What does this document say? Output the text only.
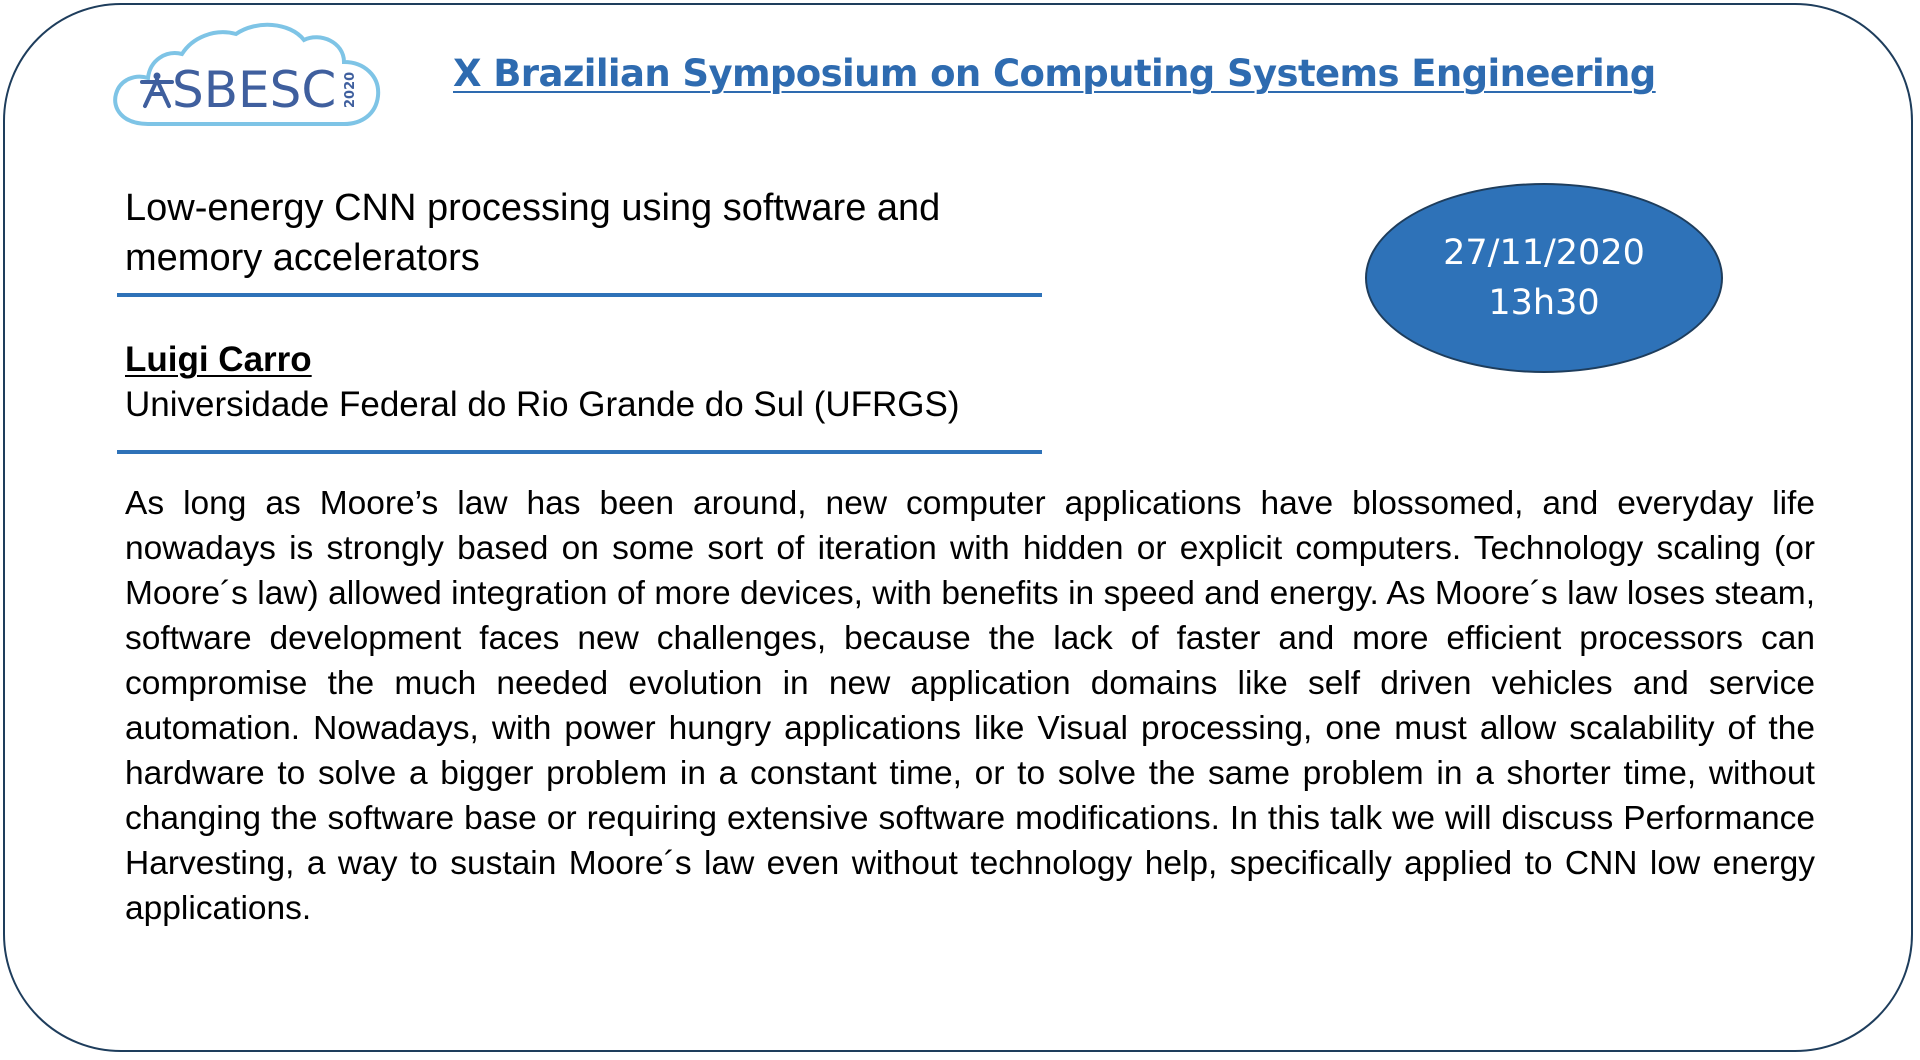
SBESC 2020	X Brazilian Symposium on Computing Systems Engineering
Low-energy CNN processing using software and memory accelerators
Luigi Carro
Universidade Federal do Rio Grande do Sul (UFRGS)
27/11/2020
13h30
As long as Moore’s law has been around, new computer applications have blossomed, and everyday life nowadays is strongly based on some sort of iteration with hidden or explicit computers. Technology scaling (or Moore´s law) allowed integration of more devices, with benefits in speed and energy. As Moore´s law loses steam, software development faces new challenges, because the lack of faster and more efficient processors can compromise the much needed evolution in new application domains like self driven vehicles and service automation. Nowadays, with power hungry applications like Visual processing, one must allow scalability of the hardware to solve a bigger problem in a constant time, or to solve the same problem in a shorter time, without changing the software base or requiring extensive software modifications. In this talk we will discuss Performance Harvesting, a way to sustain Moore´s law even without technology help, specifically applied to CNN low energy applications.
